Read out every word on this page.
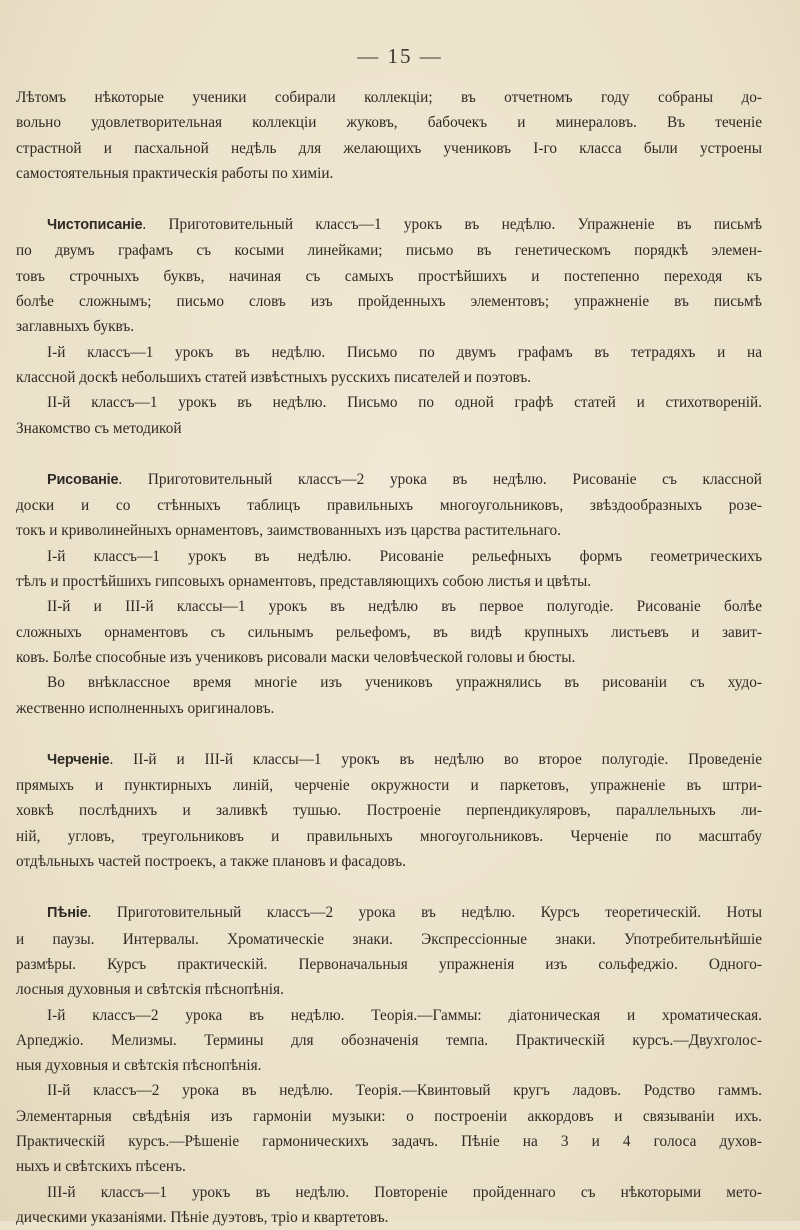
— 15 —
Лѣтомъ нѣкоторые ученики собирали коллекціи; въ отчетномъ году собраны до-
вольно удовлетворительная коллекціи жуковъ, бабочекъ и минераловъ. Въ теченіе
страстной и пасхальной недѣль для желающихъ учениковъ I-го класса были устроены
самостоятельныя практическія работы по химіи.
Чистописаніе. Приготовительный классъ—1 урокъ въ недѣлю. Упражненіе въ письмѣ
по двумъ графамъ съ косыми линейками; письмо въ генетическомъ порядкѣ элемен-
товъ строчныхъ буквъ, начиная съ самыхъ простѣйшихъ и постепенно переходя къ
болѣе сложнымъ; письмо словъ изъ пройденныхъ элементовъ; упражненіе въ письмѣ
заглавныхъ буквъ.
I-й классъ—1 урокъ въ недѣлю. Письмо по двумъ графамъ въ тетрадяхъ и на
классной доскѣ небольшихъ статей извѣстныхъ русскихъ писателей и поэтовъ.
II-й классъ—1 урокъ въ недѣлю. Письмо по одной графѣ статей и стихотвореній.
Знакомство съ методикой
Рисованіе. Приготовительный классъ—2 урока въ недѣлю. Рисованіе съ классной
доски и со стѣнныхъ таблицъ правильныхъ многоугольниковъ, звѣздообразныхъ розе-
токъ и криволинейныхъ орнаментовъ, заимствованныхъ изъ царства растительнаго.
I-й классъ—1 урокъ въ недѣлю. Рисованіе рельефныхъ формъ геометрическихъ
тѣлъ и простѣйшихъ гипсовыхъ орнаментовъ, представляющихъ собою листья и цвѣты.
II-й и III-й классы—1 урокъ въ недѣлю въ первое полугодіе. Рисованіе болѣе
сложныхъ орнаментовъ съ сильнымъ рельефомъ, въ видѣ крупныхъ листьевъ и завит-
ковъ. Болѣе способные изъ учениковъ рисовали маски человѣческой головы и бюсты.
Во внѣклассное время многіе изъ учениковъ упражнялись въ рисованіи съ худо-
жественно исполненныхъ оригиналовъ.
Черченіе. II-й и III-й классы—1 урокъ въ недѣлю во второе полугодіе. Проведеніе
прямыхъ и пунктирныхъ линій, черченіе окружности и паркетовъ, упражненіе въ штри-
ховкѣ послѣднихъ и заливкѣ тушью. Построеніе перпендикуляровъ, параллельныхъ ли-
ній, угловъ, треугольниковъ и правильныхъ многоугольниковъ. Черченіе по масштабу
отдѣльныхъ частей построекъ, а также плановъ и фасадовъ.
Пѣніе. Приготовительный классъ—2 урока въ недѣлю. Курсъ теоретическій. Ноты
и паузы. Интервалы. Хроматическіе знаки. Экспрессіонные знаки. Употребительнѣйшіе
размѣры. Курсъ практическій. Первоначальныя упражненія изъ сольфеджіо. Одного-
лосныя духовныя и свѣтскія пѣснопѣнія.
I-й классъ—2 урока въ недѣлю. Теорія.—Гаммы: діатоническая и хроматическая.
Арпеджіо. Мелизмы. Термины для обозначенія темпа. Практическій курсъ.—Двухголос-
ныя духовныя и свѣтскія пѣснопѣнія.
II-й классъ—2 урока въ недѣлю. Теорія.—Квинтовый кругъ ладовъ. Родство гаммъ.
Элементарныя свѣдѣнія изъ гармоніи музыки: о построеніи аккордовъ и связываніи ихъ.
Практическій курсъ.—Рѣшеніе гармоническихъ задачъ. Пѣніе на 3 и 4 голоса духов-
ныхъ и свѣтскихъ пѣсенъ.
III-й классъ—1 урокъ въ недѣлю. Повтореніе пройденнаго съ нѣкоторыми мето-
дическими указаніями. Пѣніе дуэтовъ, тріо и квартетовъ.
